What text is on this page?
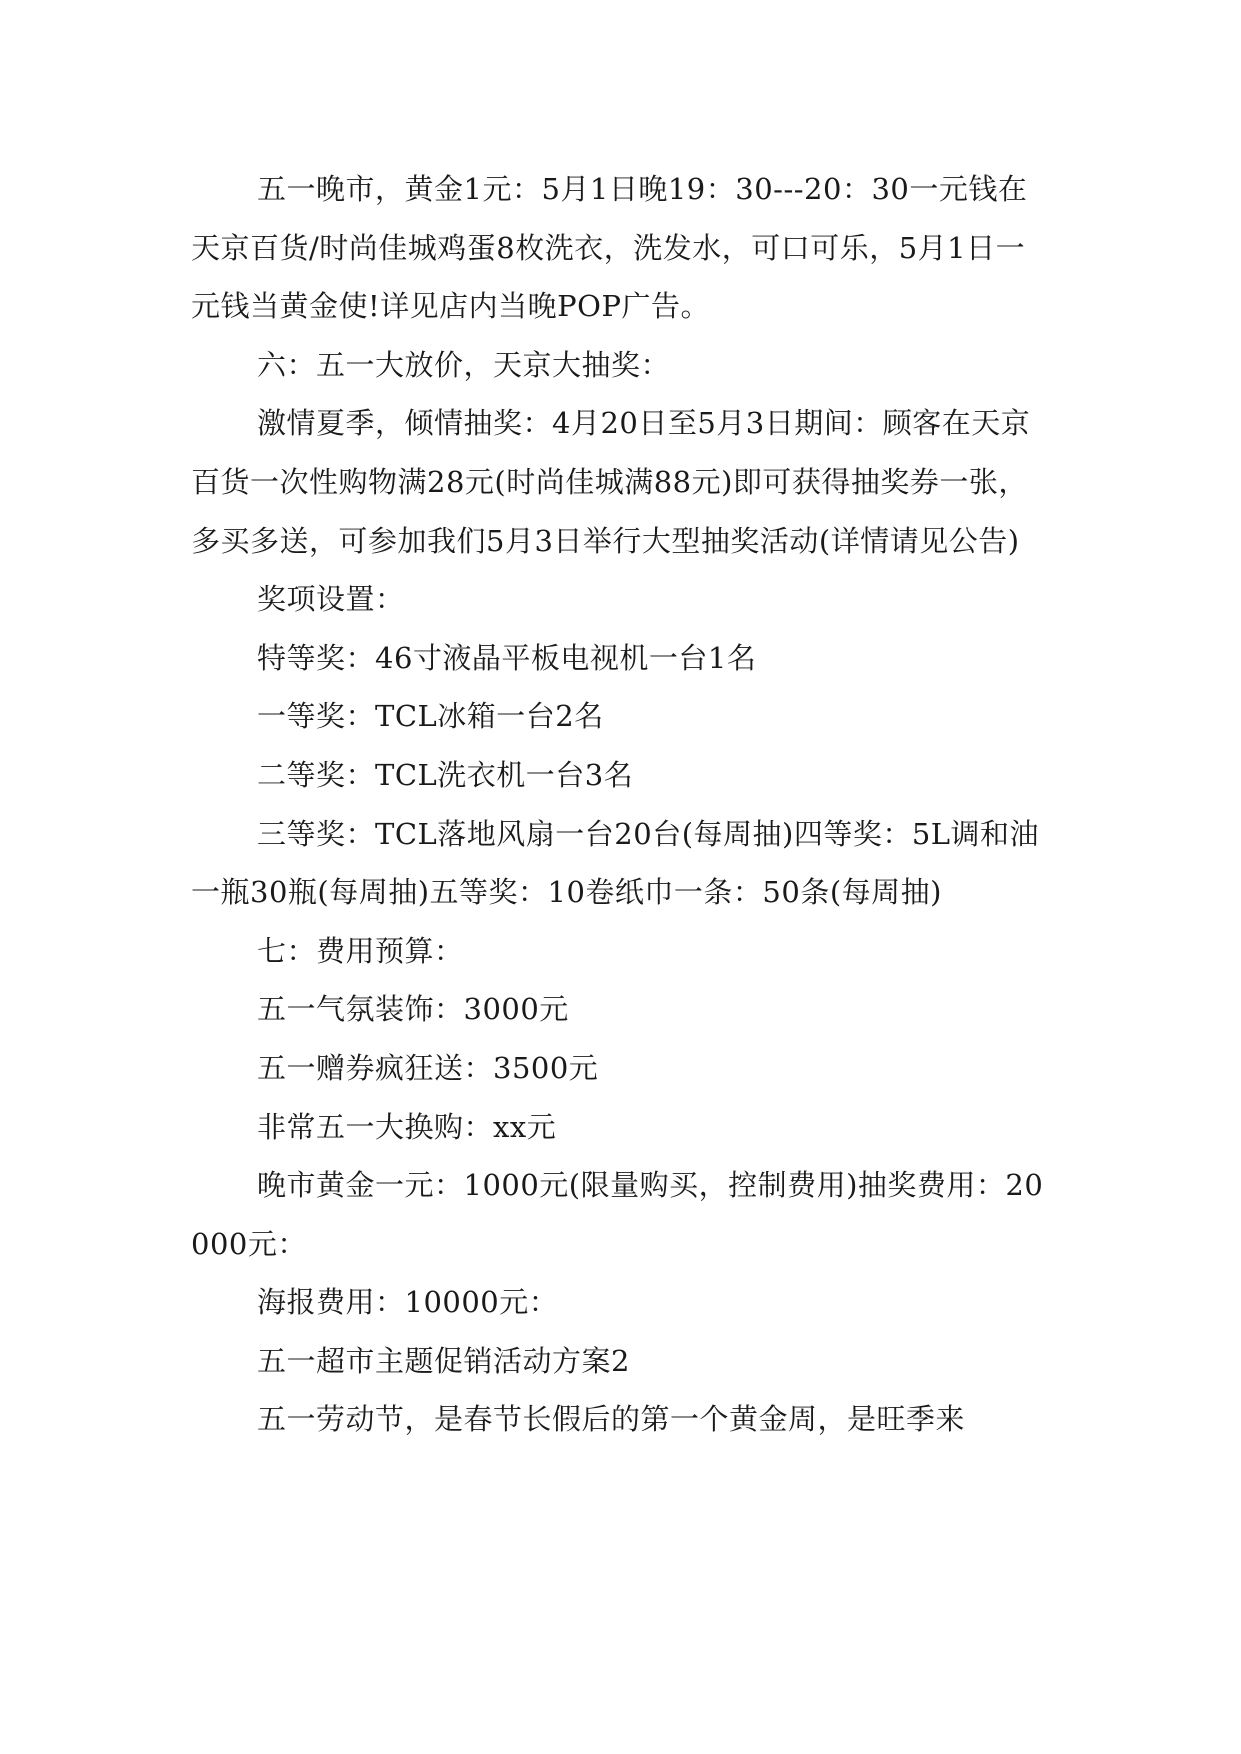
五一晚市，黄金1元：5月1日晚19：30---20：30一元钱在天京百货/时尚佳城鸡蛋8枚洗衣，洗发水，可口可乐，5月1日一元钱当黄金使!详见店内当晚POP广告。

六：五一大放价，天京大抽奖：

激情夏季，倾情抽奖：4月20日至5月3日期间：顾客在天京百货一次性购物满28元(时尚佳城满88元)即可获得抽奖券一张，多买多送，可参加我们5月3日举行大型抽奖活动(详情请见公告)

奖项设置：

特等奖：46寸液晶平板电视机一台1名

一等奖：TCL冰箱一台2名

二等奖：TCL洗衣机一台3名

三等奖：TCL落地风扇一台20台(每周抽)四等奖：5L调和油一瓶30瓶(每周抽)五等奖：10卷纸巾一条：50条(每周抽)

七：费用预算：

五一气氛装饰：3000元

五一赠券疯狂送：3500元

非常五一大换购：xx元

晚市黄金一元：1000元(限量购买，控制费用)抽奖费用：20000元：

海报费用：10000元：

五一超市主题促销活动方案2

五一劳动节，是春节长假后的第一个黄金周，是旺季来
